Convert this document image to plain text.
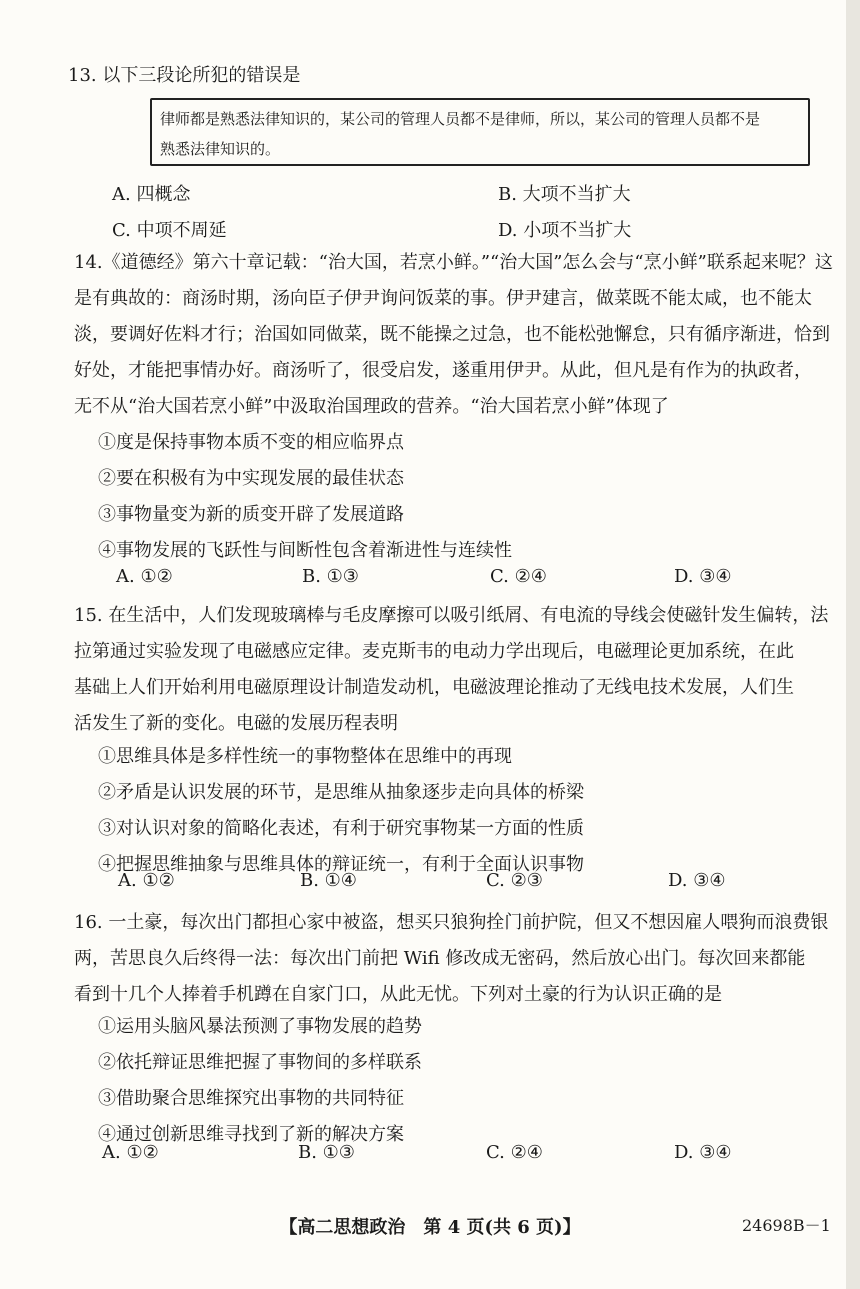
13. 以下三段论所犯的错误是
律师都是熟悉法律知识的，某公司的管理人员都不是律师，所以，某公司的管理人员都不是
熟悉法律知识的。
A. 四概念	B. 大项不当扩大
C. 中项不周延	D. 小项不当扩大
14.《道德经》第六十章记载：“治大国，若烹小鲜。”“治大国”怎么会与“烹小鲜”联系起来呢？这
是有典故的：商汤时期，汤向臣子伊尹询问饭菜的事。伊尹建言，做菜既不能太咸，也不能太
淡，要调好佐料才行；治国如同做菜，既不能操之过急，也不能松弛懈怠，只有循序渐进，恰到
好处，才能把事情办好。商汤听了，很受启发，遂重用伊尹。从此，但凡是有作为的执政者，
无不从“治大国若烹小鲜”中汲取治国理政的营养。“治大国若烹小鲜”体现了
①度是保持事物本质不变的相应临界点
②要在积极有为中实现发展的最佳状态
③事物量变为新的质变开辟了发展道路
④事物发展的飞跃性与间断性包含着渐进性与连续性
A. ①②	B. ①③	C. ②④	D. ③④
15. 在生活中，人们发现玻璃棒与毛皮摩擦可以吸引纸屑、有电流的导线会使磁针发生偏转，法
拉第通过实验发现了电磁感应定律。麦克斯韦的电动力学出现后，电磁理论更加系统，在此
基础上人们开始利用电磁原理设计制造发动机，电磁波理论推动了无线电技术发展，人们生
活发生了新的变化。电磁的发展历程表明
①思维具体是多样性统一的事物整体在思维中的再现
②矛盾是认识发展的环节，是思维从抽象逐步走向具体的桥梁
③对认识对象的简略化表述，有利于研究事物某一方面的性质
④把握思维抽象与思维具体的辩证统一，有利于全面认识事物
A. ①②	B. ①④	C. ②③	D. ③④
16. 一土豪，每次出门都担心家中被盗，想买只狼狗拴门前护院，但又不想因雇人喂狗而浪费银
两，苦思良久后终得一法：每次出门前把 Wifi 修改成无密码，然后放心出门。每次回来都能
看到十几个人捧着手机蹲在自家门口，从此无忧。下列对土豪的行为认识正确的是
①运用头脑风暴法预测了事物发展的趋势
②依托辩证思维把握了事物间的多样联系
③借助聚合思维探究出事物的共同特征
④通过创新思维寻找到了新的解决方案
A. ①②	B. ①③	C. ②④	D. ③④
【高二思想政治　第 4 页(共 6 页)】	24698B－1
